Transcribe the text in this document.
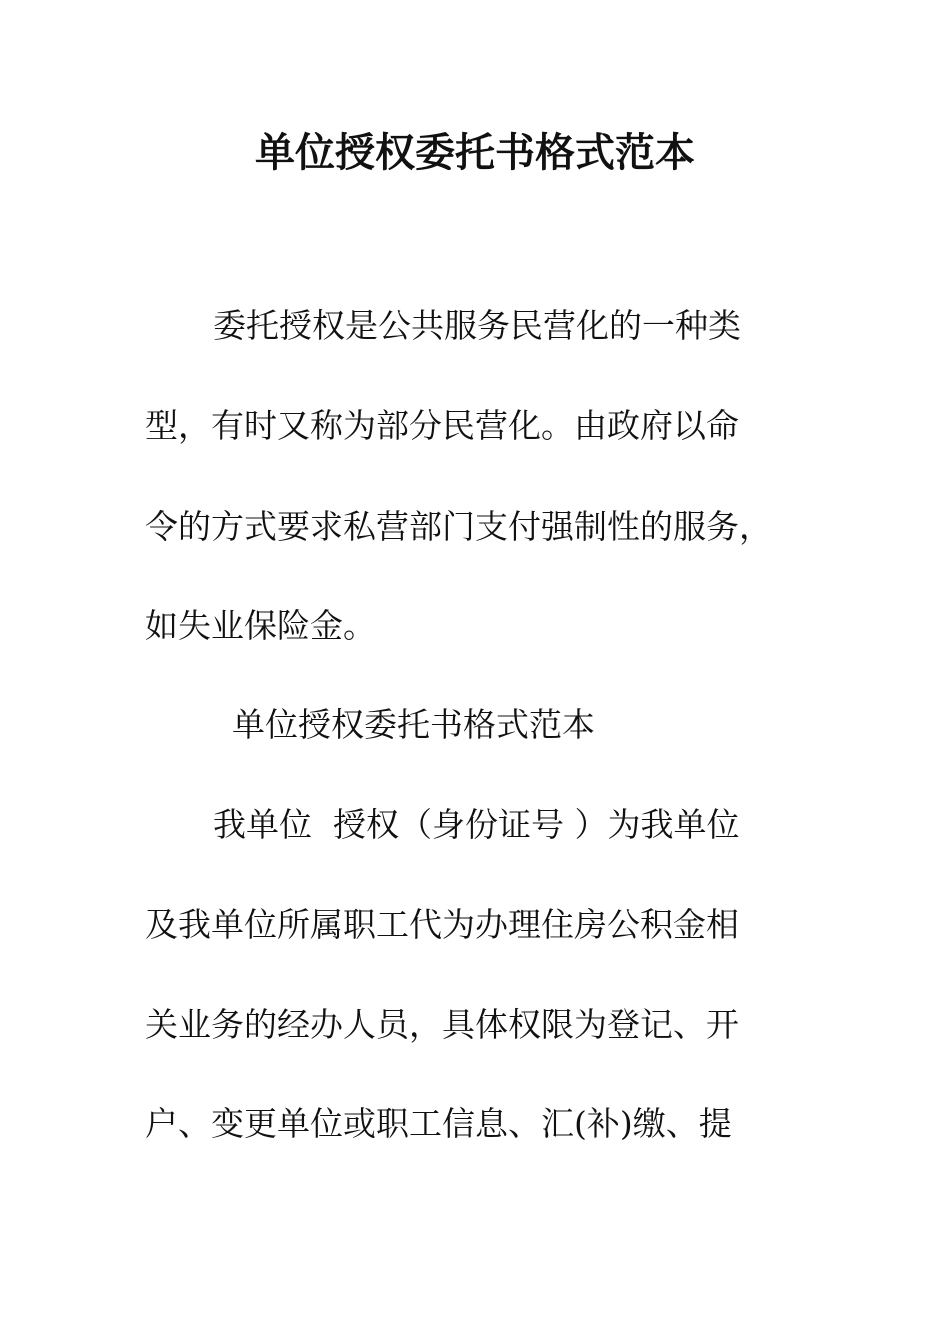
单位授权委托书格式范本
委托授权是公共服务民营化的一种类
型，有时又称为部分民营化。由政府以命
令的方式要求私营部门支付强制性的服务，
如失业保险金。
单位授权委托书格式范本
我单位  授权（身份证号 ）为我单位
及我单位所属职工代为办理住房公积金相
关业务的经办人员，具体权限为登记、开
户、变更单位或职工信息、汇(补)缴、提
